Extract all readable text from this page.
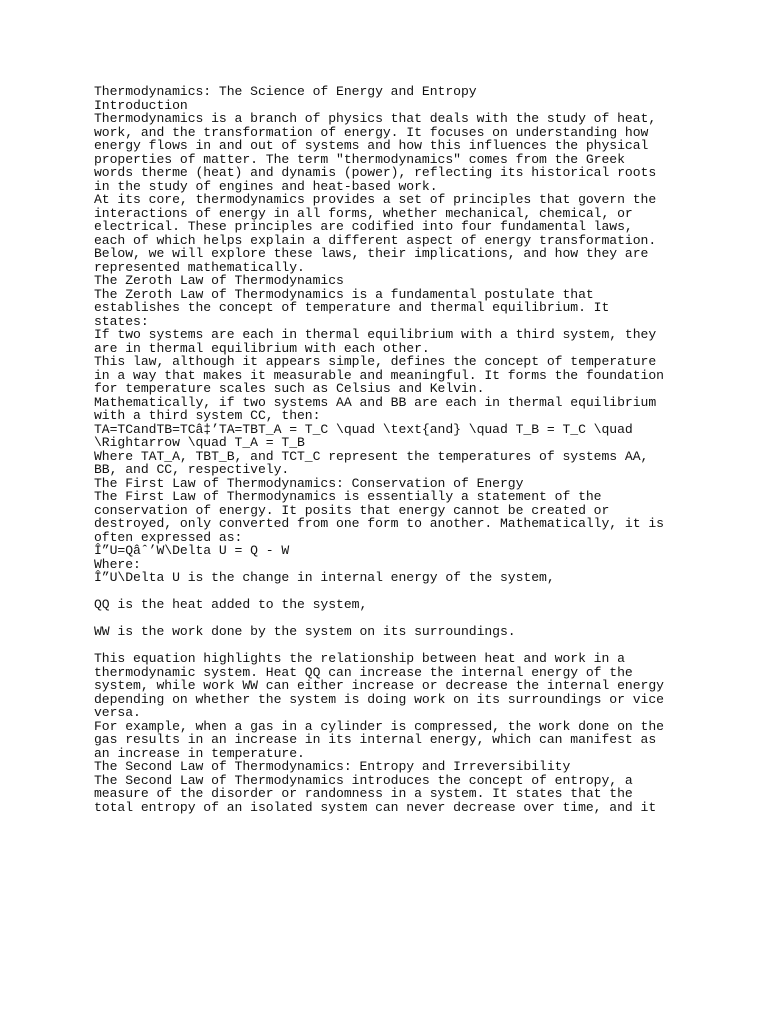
Thermodynamics: The Science of Energy and Entropy
Introduction
Thermodynamics is a branch of physics that deals with the study of heat,
work, and the transformation of energy. It focuses on understanding how
energy flows in and out of systems and how this influences the physical
properties of matter. The term "thermodynamics" comes from the Greek
words therme (heat) and dynamis (power), reflecting its historical roots
in the study of engines and heat-based work.
At its core, thermodynamics provides a set of principles that govern the
interactions of energy in all forms, whether mechanical, chemical, or
electrical. These principles are codified into four fundamental laws,
each of which helps explain a different aspect of energy transformation.
Below, we will explore these laws, their implications, and how they are
represented mathematically.
The Zeroth Law of Thermodynamics
The Zeroth Law of Thermodynamics is a fundamental postulate that
establishes the concept of temperature and thermal equilibrium. It
states:
If two systems are each in thermal equilibrium with a third system, they
are in thermal equilibrium with each other.
This law, although it appears simple, defines the concept of temperature
in a way that makes it measurable and meaningful. It forms the foundation
for temperature scales such as Celsius and Kelvin.
Mathematically, if two systems AA and BB are each in thermal equilibrium
with a third system CC, then:
TA=TCandTB=TCâ‡’TA=TBT_A = T_C \quad \text{and} \quad T_B = T_C \quad
\Rightarrow \quad T_A = T_B
Where TAT_A, TBT_B, and TCT_C represent the temperatures of systems AA,
BB, and CC, respectively.
The First Law of Thermodynamics: Conservation of Energy
The First Law of Thermodynamics is essentially a statement of the
conservation of energy. It posits that energy cannot be created or
destroyed, only converted from one form to another. Mathematically, it is
often expressed as:
Î”U=Qâˆ’W\Delta U = Q - W
Where:
Î”U\Delta U is the change in internal energy of the system,
QQ is the heat added to the system,
WW is the work done by the system on its surroundings.
This equation highlights the relationship between heat and work in a
thermodynamic system. Heat QQ can increase the internal energy of the
system, while work WW can either increase or decrease the internal energy
depending on whether the system is doing work on its surroundings or vice
versa.
For example, when a gas in a cylinder is compressed, the work done on the
gas results in an increase in its internal energy, which can manifest as
an increase in temperature.
The Second Law of Thermodynamics: Entropy and Irreversibility
The Second Law of Thermodynamics introduces the concept of entropy, a
measure of the disorder or randomness in a system. It states that the
total entropy of an isolated system can never decrease over time, and it
